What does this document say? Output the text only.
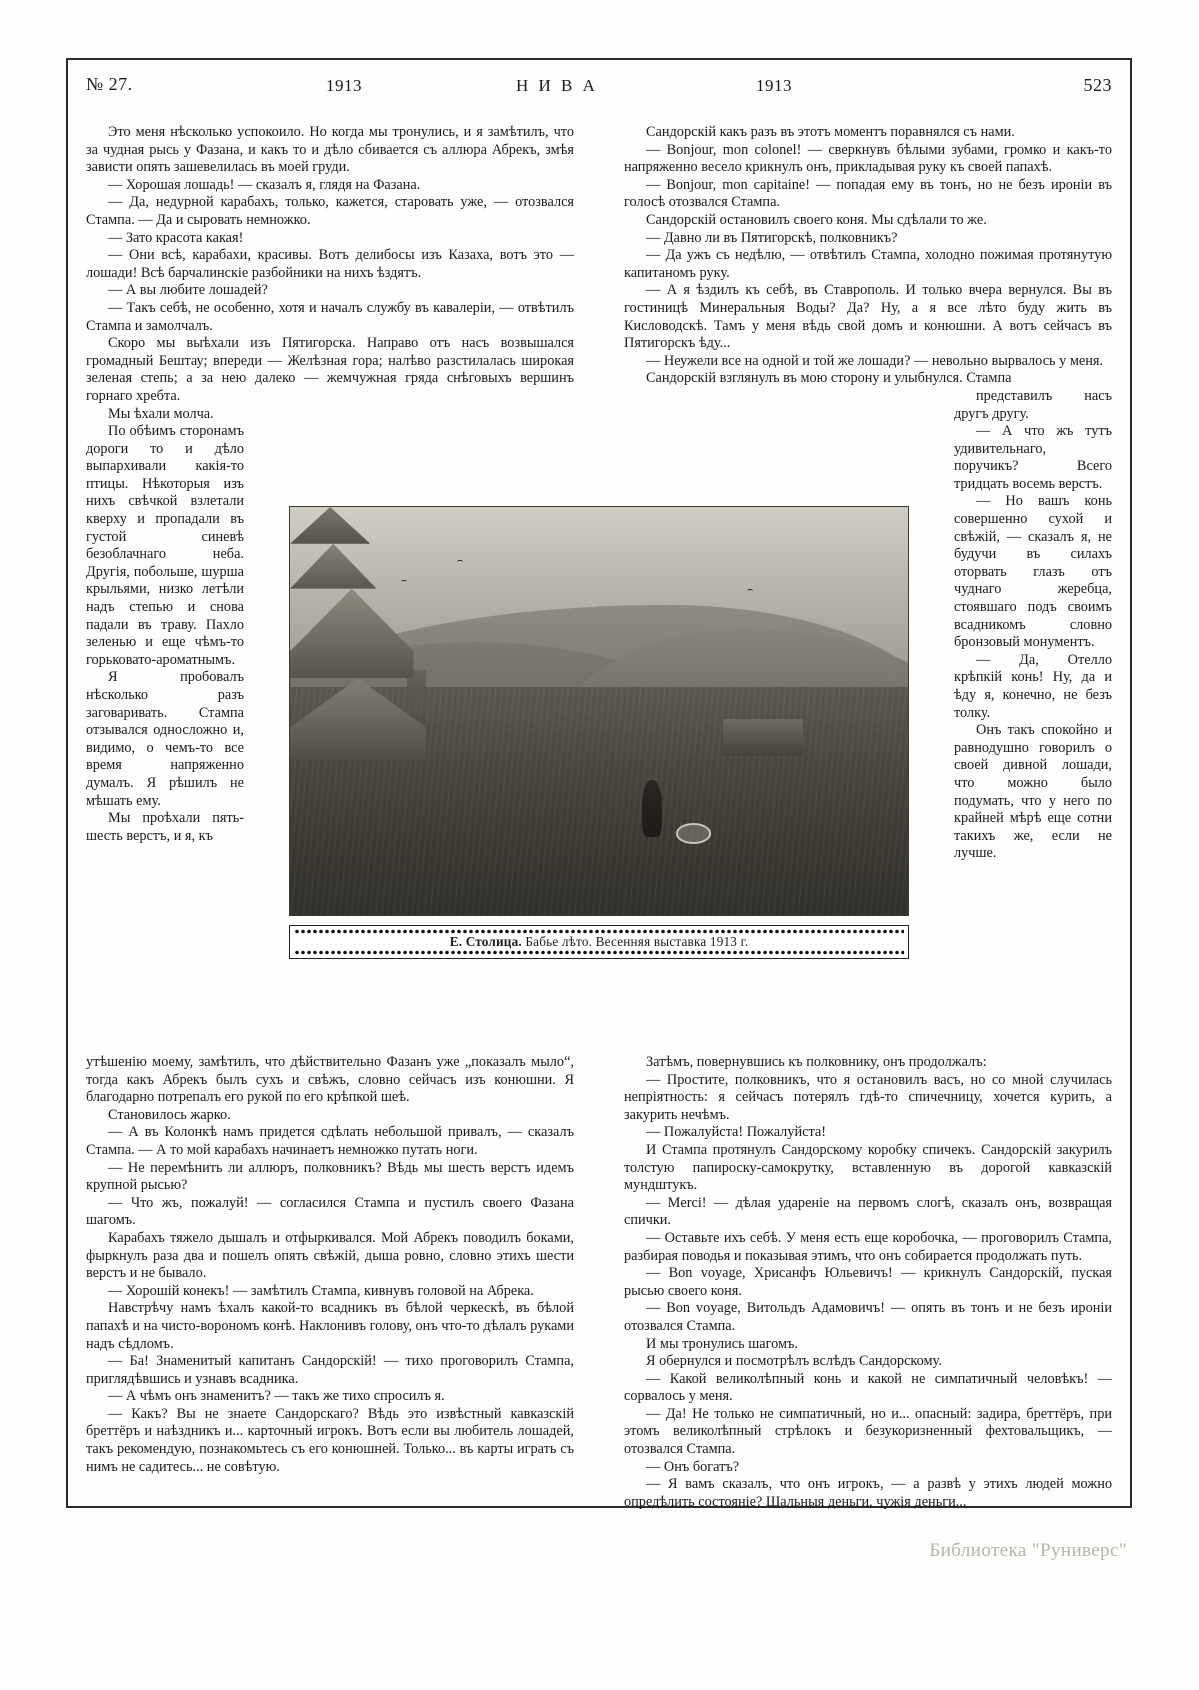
№ 27.	1913	Н И В А	1913	523

Это меня нѣсколько успокоило. Но когда мы тронулись, и я замѣтилъ, что за чудная рысь у Фазана, и какъ то и дѣло сбивается съ аллюра Абрекъ, змѣя зависти опять зашевелилась въ моей груди.

— Хорошая лошадь! — сказалъ я, глядя на Фазана.

— Да, недурной карабахъ, только, кажется, старовать уже, — отозвался Стампа. — Да и сыровать немножко.

— Зато красота какая!

— Они всѣ, карабахи, красивы. Вотъ делибосы изъ Казаха, вотъ это — лошади! Всѣ барчалинскіе разбойники на нихъ ѣздятъ.

— А вы любите лошадей?

— Такъ себѣ, не особенно, хотя и началъ службу въ кавалеріи, — отвѣтилъ Стампа и замолчалъ.

Скоро мы выѣхали изъ Пятигорска. Направо отъ насъ возвышался громадный Бештау; впереди — Желѣзная гора; налѣво разстилалась широкая зеленая степь; а за нею далеко — жемчужная гряда снѣговыхъ вершинъ горнаго хребта.

Мы ѣхали молча.

По обѣимъ сторонамъ дороги то и дѣло выпархивали какія-то птицы. Нѣкоторыя изъ нихъ свѣчкой взлетали кверху и пропадали въ густой синевѣ безоблачнаго неба. Другія, побольше, шурша крыльями, низко летѣли надъ степью и снова падали въ траву. Пахло зеленью и еще чѣмъ-то горьковато-ароматнымъ.

Я пробовалъ нѣсколько разъ заговаривать. Стампа отзывался односложно и, видимо, о чемъ-то все время напряженно думалъ. Я рѣшилъ не мѣшать ему.

Мы проѣхали пять-шесть верстъ, и я, къ

Сандорскій какъ разъ въ этотъ моментъ поравнялся съ нами.

— Bonjour, mon colonel! — сверкнувъ бѣлыми зубами, громко и какъ-то напряженно весело крикнулъ онъ, прикладывая руку къ своей папахѣ.

— Bonjour, mon capitaine! — попадая ему въ тонъ, но не безъ ироніи въ голосѣ отозвался Стампа.

Сандорскій остановилъ своего коня. Мы сдѣлали то же.

— Давно ли въ Пятигорскѣ, полковникъ?

— Да ужъ съ недѣлю, — отвѣтилъ Стампа, холодно пожимая протянутую капитаномъ руку.

— А я ѣздилъ къ себѣ, въ Ставрополь. И только вчера вернулся. Вы въ гостиницѣ Минеральныя Воды? Да? Ну, а я все лѣто буду жить въ Кисловодскѣ. Тамъ у меня вѣдь свой домъ и конюшни. А вотъ сейчасъ въ Пятигорскъ ѣду...

— Неужели все на одной и той же лошади? — невольно вырвалось у меня.

Сандорскій взглянулъ въ мою сторону и улыбнулся. Стампа

представилъ насъ другъ другу.

— А что жъ тутъ удивительнаго, поручикъ? Всего тридцать восемь верстъ.

— Но вашъ конь совершенно сухой и свѣжій, — сказалъ я, не будучи въ силахъ оторвать глазъ отъ чуднаго жеребца, стоявшаго подъ своимъ всадникомъ словно бронзовый монументъ.

— Да, Отелло крѣпкій конь! Ну, да и ѣду я, конечно, не безъ толку.

Онъ такъ спокойно и равнодушно говорилъ о своей дивной лошади, что можно было подумать, что у него по крайней мѣрѣ еще сотни такихъ же, если не лучше.

Е. Столица. Бабье лѣто. Весенняя выставка 1913 г.

утѣшенію моему, замѣтилъ, что дѣйствительно Фазанъ уже „показалъ мыло“, тогда какъ Абрекъ былъ сухъ и свѣжъ, словно сейчасъ изъ конюшни. Я благодарно потрепалъ его рукой по его крѣпкой шеѣ.

Становилось жарко.

— А въ Колонкѣ намъ придется сдѣлать небольшой привалъ, — сказалъ Стампа. — А то мой карабахъ начинаетъ немножко путать ноги.

— Не перемѣнить ли аллюръ, полковникъ? Вѣдь мы шесть верстъ идемъ крупной рысью?

— Что жъ, пожалуй! — согласился Стампа и пустилъ своего Фазана шагомъ.

Карабахъ тяжело дышалъ и отфыркивался. Мой Абрекъ поводилъ боками, фыркнулъ раза два и пошелъ опять свѣжій, дыша ровно, словно этихъ шести верстъ и не бывало.

— Хорошій конекъ! — замѣтилъ Стампа, кивнувъ головой на Абрека.

Навстрѣчу намъ ѣхалъ какой-то всадникъ въ бѣлой черкескѣ, въ бѣлой папахѣ и на чисто-ворономъ конѣ. Наклонивъ голову, онъ что-то дѣлалъ руками надъ сѣдломъ.

— Ба! Знаменитый капитанъ Сандорскій! — тихо проговорилъ Стампа, приглядѣвшись и узнавъ всадника.

— А чѣмъ онъ знаменитъ? — такъ же тихо спросилъ я.

— Какъ? Вы не знаете Сандорскаго? Вѣдь это извѣстный кавказскій бреттёръ и наѣздникъ и... карточный игрокъ. Вотъ если вы любитель лошадей, такъ рекомендую, познакомьтесь съ его конюшней. Только... въ карты играть съ нимъ не садитесь... не совѣтую.

Затѣмъ, повернувшись къ полковнику, онъ продолжалъ:

— Простите, полковникъ, что я остановилъ васъ, но со мной случилась непріятность: я сейчасъ потерялъ гдѣ-то спичечницу, хочется курить, а закурить нечѣмъ.

— Пожалуйста! Пожалуйста!

И Стампа протянулъ Сандорскому коробку спичекъ. Сандорскій закурилъ толстую папироску-самокрутку, вставленную въ дорогой кавказскій мундштукъ.

— Merci! — дѣлая удареніе на первомъ слогѣ, сказалъ онъ, возвращая спички.

— Оставьте ихъ себѣ. У меня есть еще коробочка, — проговорилъ Стампа, разбирая поводья и показывая этимъ, что онъ собирается продолжать путь.

— Bon voyage, Хрисанфъ Юльевичъ! — крикнулъ Сандорскій, пуская рысью своего коня.

— Bon voyage, Витольдъ Адамовичъ! — опять въ тонъ и не безъ ироніи отозвался Стампа.

И мы тронулись шагомъ.

Я обернулся и посмотрѣлъ вслѣдъ Сандорскому.

— Какой великолѣпный конь и какой не симпатичный человѣкъ! — сорвалось у меня.

— Да! Не только не симпатичный, но и... опасный: задира, бреттёръ, при этомъ великолѣпный стрѣлокъ и безукоризненный фехтовальщикъ, — отозвался Стампа.

— Онъ богатъ?

— Я вамъ сказалъ, что онъ игрокъ, — а развѣ у этихъ людей можно опредѣлить состояніе? Шальныя деньги, чужія деньги...

Библиотека "Руниверс"
